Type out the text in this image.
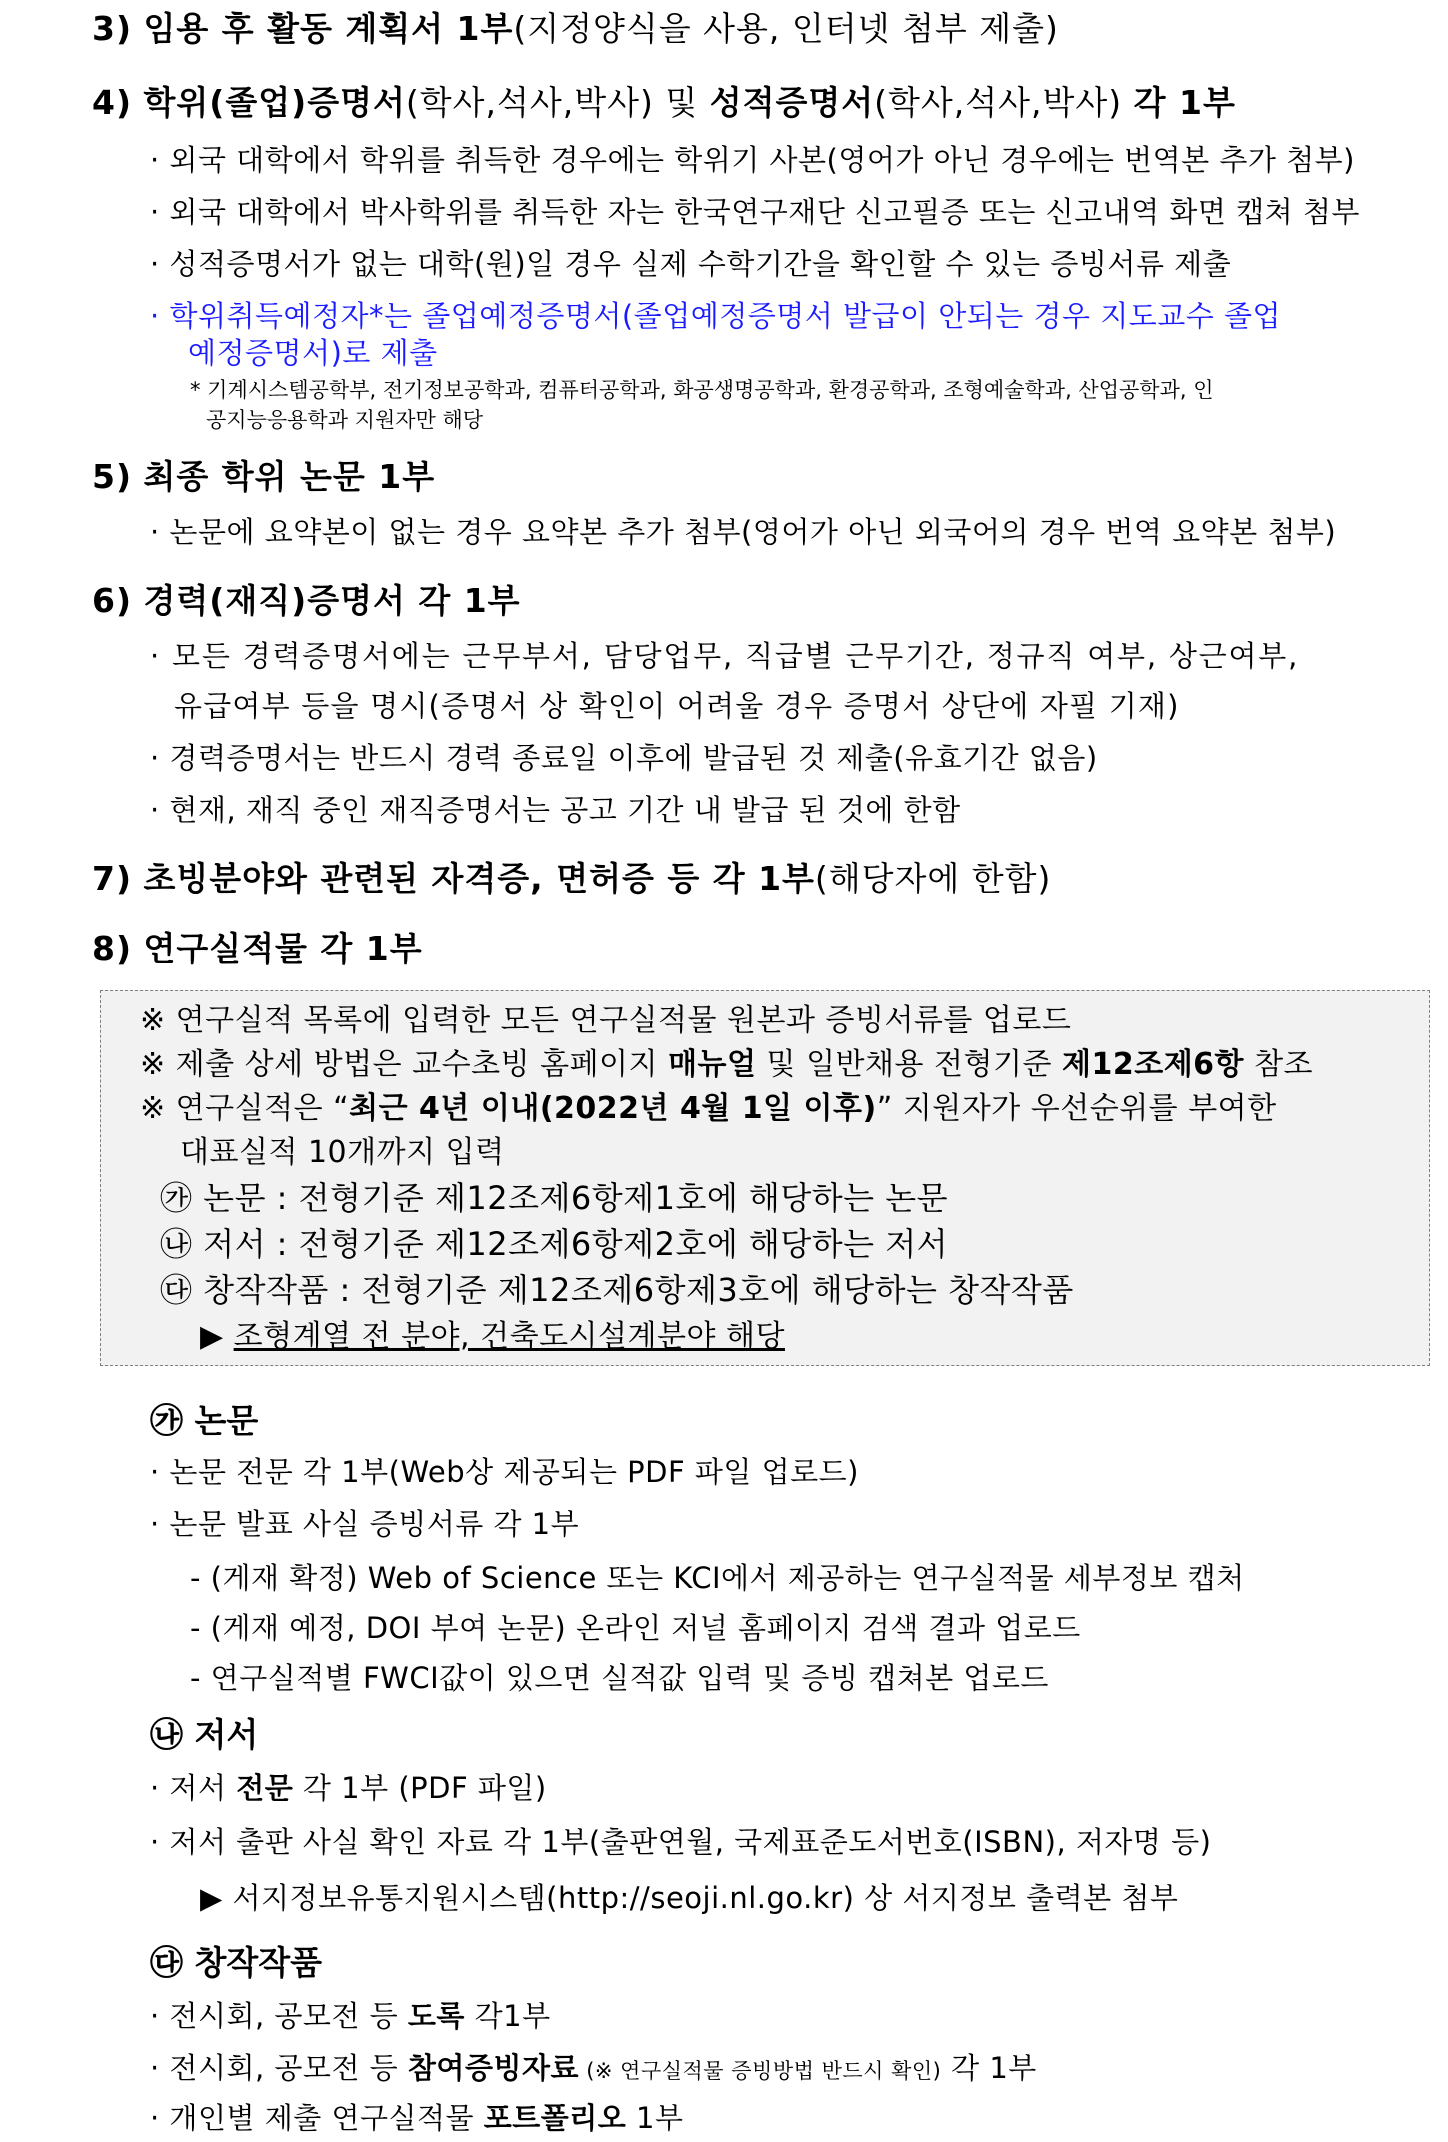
3) 임용 후 활동 계획서 1부(지정양식을 사용, 인터넷 첨부 제출)
4) 학위(졸업)증명서(학사,석사,박사) 및 성적증명서(학사,석사,박사) 각 1부
· 외국 대학에서 학위를 취득한 경우에는 학위기 사본(영어가 아닌 경우에는 번역본 추가 첨부)
· 외국 대학에서 박사학위를 취득한 자는 한국연구재단 신고필증 또는 신고내역 화면 캡쳐 첨부
· 성적증명서가 없는 대학(원)일 경우 실제 수학기간을 확인할 수 있는 증빙서류 제출
· 학위취득예정자*는 졸업예정증명서(졸업예정증명서 발급이 안되는 경우 지도교수 졸업
예정증명서)로 제출
* 기계시스템공학부, 전기정보공학과, 컴퓨터공학과, 화공생명공학과, 환경공학과, 조형예술학과, 산업공학과, 인
공지능응용학과 지원자만 해당
5) 최종 학위 논문 1부
· 논문에 요약본이 없는 경우 요약본 추가 첨부(영어가 아닌 외국어의 경우 번역 요약본 첨부)
6) 경력(재직)증명서 각 1부
· 모든 경력증명서에는 근무부서, 담당업무, 직급별 근무기간, 정규직 여부, 상근여부,
유급여부 등을 명시(증명서 상 확인이 어려울 경우 증명서 상단에 자필 기재)
· 경력증명서는 반드시 경력 종료일 이후에 발급된 것 제출(유효기간 없음)
· 현재, 재직 중인 재직증명서는 공고 기간 내 발급 된 것에 한함
7) 초빙분야와 관련된 자격증, 면허증 등 각 1부(해당자에 한함)
8) 연구실적물 각 1부
※ 연구실적 목록에 입력한 모든 연구실적물 원본과 증빙서류를 업로드
※ 제출 상세 방법은 교수초빙 홈페이지 매뉴얼 및 일반채용 전형기준 제12조제6항 참조
※ 연구실적은 “최근 4년 이내(2022년 4월 1일 이후)” 지원자가 우선순위를 부여한
대표실적 10개까지 입력
㉮ 논문 : 전형기준 제12조제6항제1호에 해당하는 논문
㉯ 저서 : 전형기준 제12조제6항제2호에 해당하는 저서
㉰ 창작작품 : 전형기준 제12조제6항제3호에 해당하는 창작작품
▶ 조형계열 전 분야, 건축도시설계분야 해당
㉮ 논문
· 논문 전문 각 1부(Web상 제공되는 PDF 파일 업로드)
· 논문 발표 사실 증빙서류 각 1부
- (게재 확정) Web of Science 또는 KCI에서 제공하는 연구실적물 세부정보 캡처
- (게재 예정, DOI 부여 논문) 온라인 저널 홈페이지 검색 결과 업로드
- 연구실적별 FWCI값이 있으면 실적값 입력 및 증빙 캡쳐본 업로드
㉯ 저서
· 저서 전문 각 1부 (PDF 파일)
· 저서 출판 사실 확인 자료 각 1부(출판연월, 국제표준도서번호(ISBN), 저자명 등)
▶ 서지정보유통지원시스템(http://seoji.nl.go.kr) 상 서지정보 출력본 첨부
㉰ 창작작품
· 전시회, 공모전 등 도록 각1부
· 전시회, 공모전 등 참여증빙자료 (※ 연구실적물 증빙방법 반드시 확인) 각 1부
· 개인별 제출 연구실적물 포트폴리오 1부
